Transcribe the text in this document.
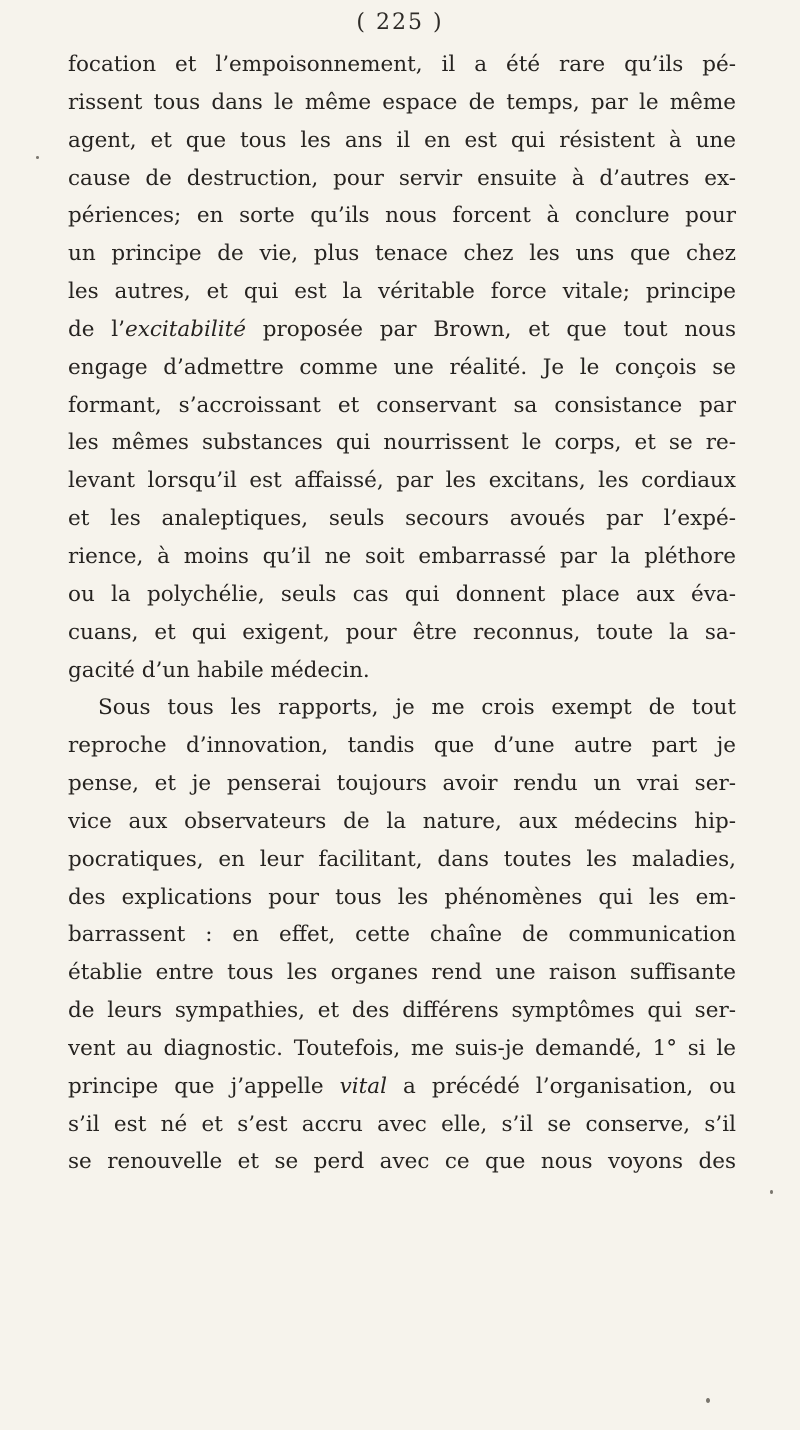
( 225 )
focation et l’empoisonnement, il a été rare qu’ils pé-
rissent tous dans le même espace de temps, par le même
agent, et que tous les ans il en est qui résistent à une
cause de destruction, pour servir ensuite à d’autres ex-
périences; en sorte qu’ils nous forcent à conclure pour
un principe de vie, plus tenace chez les uns que chez
les autres, et qui est la véritable force vitale; principe
de l’excitabilité proposée par Brown, et que tout nous
engage d’admettre comme une réalité. Je le conçois se
formant, s’accroissant et conservant sa consistance par
les mêmes substances qui nourrissent le corps, et se re-
levant lorsqu’il est affaissé, par les excitans, les cordiaux
et les analeptiques, seuls secours avoués par l’expé-
rience, à moins qu’il ne soit embarrassé par la pléthore
ou la polychélie, seuls cas qui donnent place aux éva-
cuans, et qui exigent, pour être reconnus, toute la sa-
gacité d’un habile médecin.
Sous tous les rapports, je me crois exempt de tout
reproche d’innovation, tandis que d’une autre part je
pense, et je penserai toujours avoir rendu un vrai ser-
vice aux observateurs de la nature, aux médecins hip-
pocratiques, en leur facilitant, dans toutes les maladies,
des explications pour tous les phénomènes qui les em-
barrassent : en effet, cette chaîne de communication
établie entre tous les organes rend une raison suffisante
de leurs sympathies, et des différens symptômes qui ser-
vent au diagnostic. Toutefois, me suis-je demandé, 1° si le
principe que j’appelle vital a précédé l’organisation, ou
s’il est né et s’est accru avec elle, s’il se conserve, s’il
se renouvelle et se perd avec ce que nous voyons des
